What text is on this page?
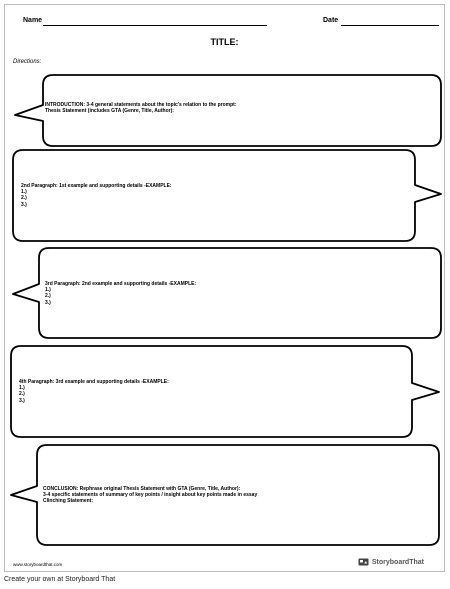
Name	Date
TITLE:
Directions:
INTRODUCTION: 3-4 general statements about the topic's relation to the prompt:
Thesis Statement (includes GTA (Genre, Title, Author):
2nd Paragraph: 1st example and supporting details -EXAMPLE:
1.)
2.)
3.)
3rd Paragraph: 2nd example and supporting details -EXAMPLE:
1.)
2.)
3.)
4th Paragraph: 3rd example and supporting details -EXAMPLE:
1.)
2.)
3.)
CONCLUSION: Rephrase original Thesis Statement with GTA (Genre, Title, Author):
3-4 specific statements of summary of key points / insight about key points made in essay
Clinching Statement:
www.storyboardthat.com	StoryboardThat
Create your own at Storyboard That
